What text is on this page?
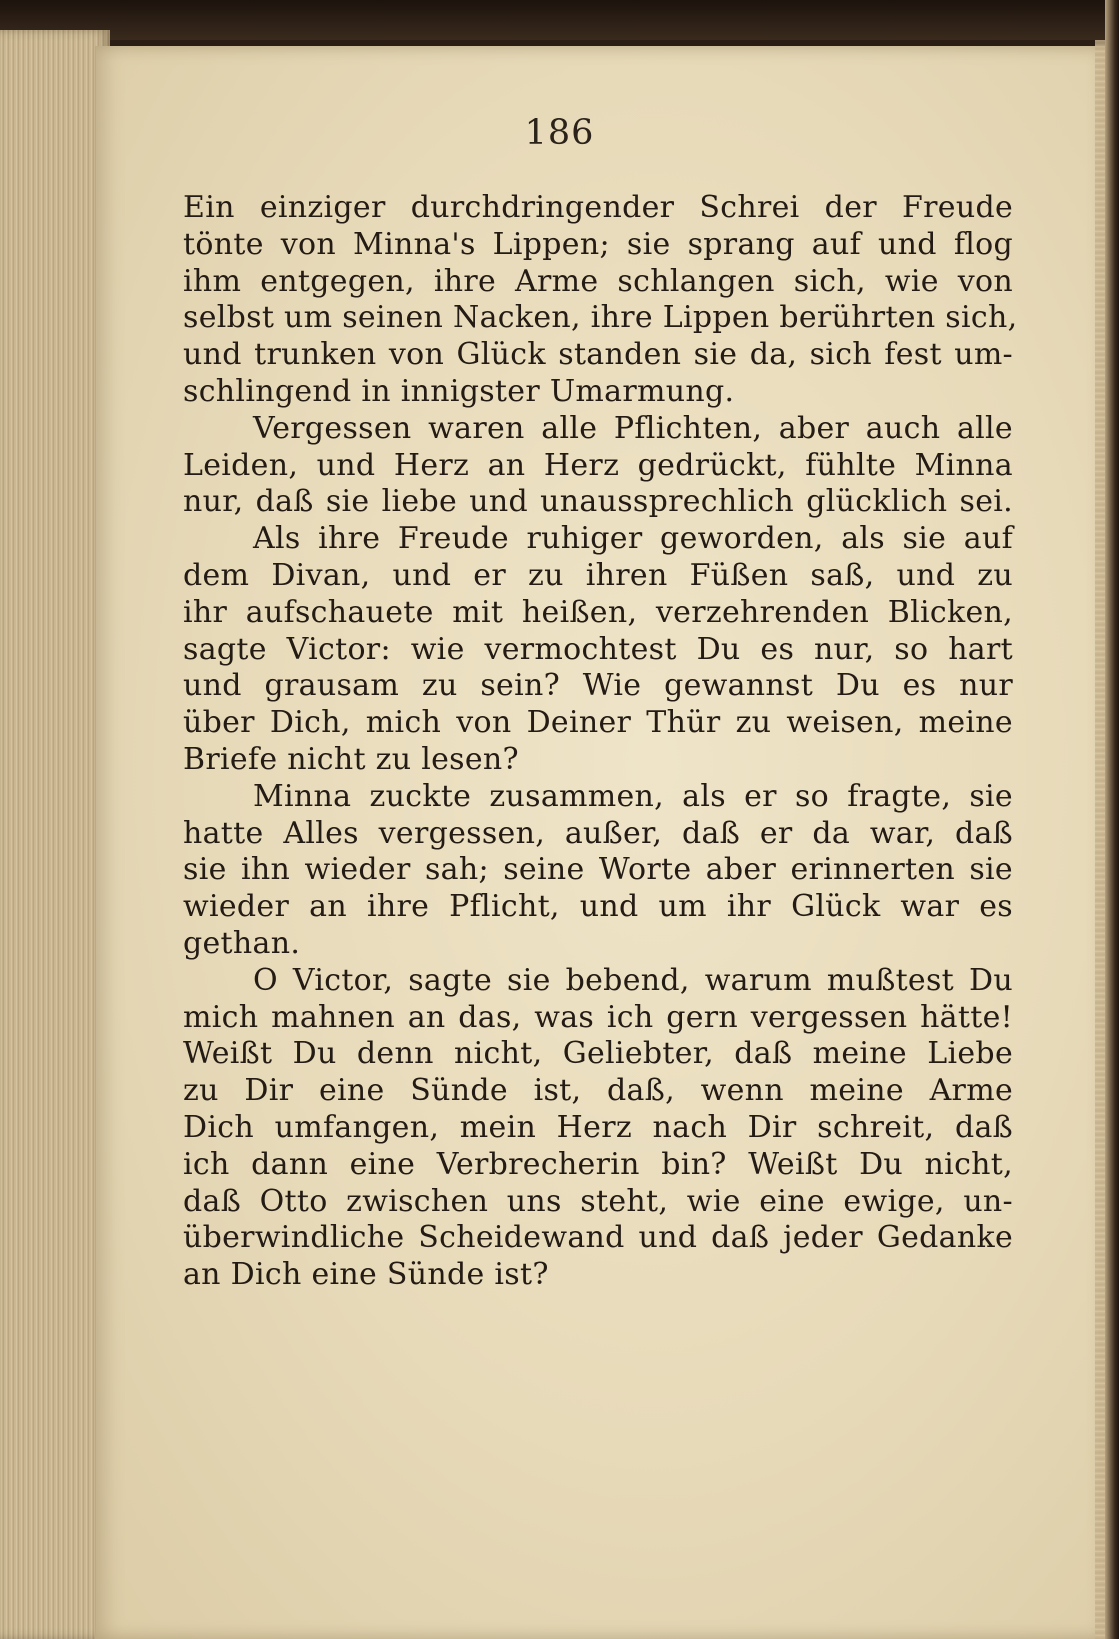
186
Ein einziger durchdringender Schrei der Freude
tönte von Minna's Lippen; sie sprang auf und flog
ihm entgegen, ihre Arme schlangen sich, wie von
selbst um seinen Nacken, ihre Lippen berührten sich,
und trunken von Glück standen sie da, sich fest um-
schlingend in innigster Umarmung.
Vergessen waren alle Pflichten, aber auch alle
Leiden, und Herz an Herz gedrückt, fühlte Minna
nur, daß sie liebe und unaussprechlich glücklich sei.
Als ihre Freude ruhiger geworden, als sie auf
dem Divan, und er zu ihren Füßen saß, und zu
ihr aufschauete mit heißen, verzehrenden Blicken,
sagte Victor: wie vermochtest Du es nur, so hart
und grausam zu sein? Wie gewannst Du es nur
über Dich, mich von Deiner Thür zu weisen, meine
Briefe nicht zu lesen?
Minna zuckte zusammen, als er so fragte, sie
hatte Alles vergessen, außer, daß er da war, daß
sie ihn wieder sah; seine Worte aber erinnerten sie
wieder an ihre Pflicht, und um ihr Glück war es
gethan.
O Victor, sagte sie bebend, warum mußtest Du
mich mahnen an das, was ich gern vergessen hätte!
Weißt Du denn nicht, Geliebter, daß meine Liebe
zu Dir eine Sünde ist, daß, wenn meine Arme
Dich umfangen, mein Herz nach Dir schreit, daß
ich dann eine Verbrecherin bin? Weißt Du nicht,
daß Otto zwischen uns steht, wie eine ewige, un-
überwindliche Scheidewand und daß jeder Gedanke
an Dich eine Sünde ist?
